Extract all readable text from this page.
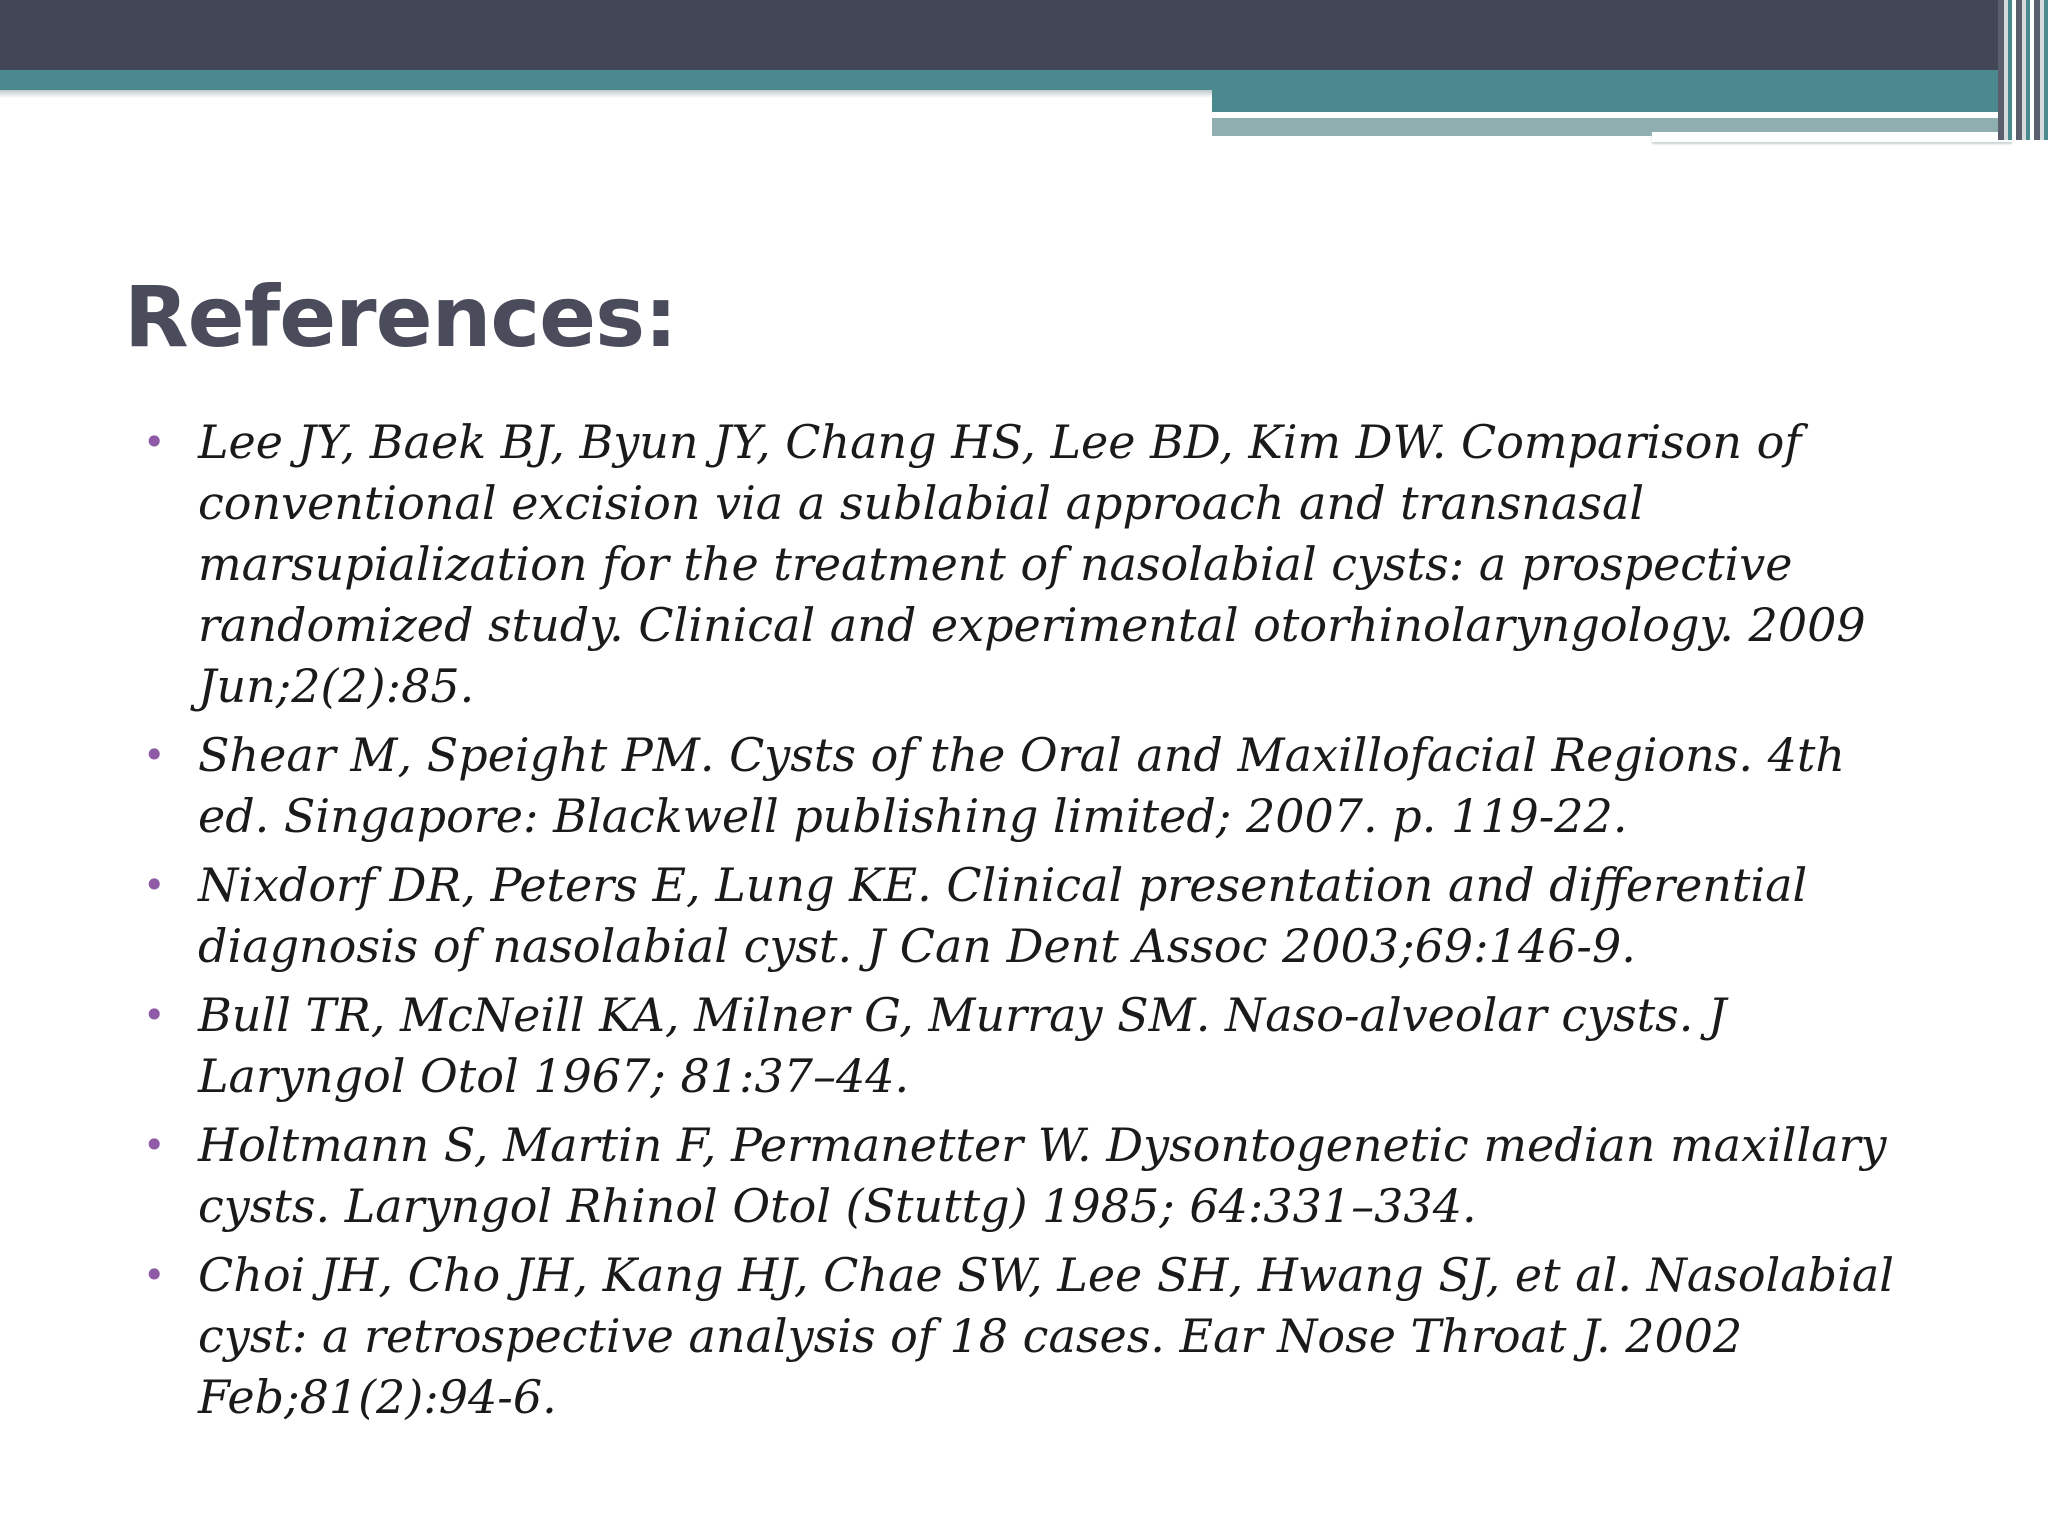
References:
• Lee JY, Baek BJ, Byun JY, Chang HS, Lee BD, Kim DW. Comparison of conventional excision via a sublabial approach and transnasal marsupialization for the treatment of nasolabial cysts: a prospective randomized study. Clinical and experimental otorhinolaryngology. 2009 Jun;2(2):85.
• Shear M, Speight PM. Cysts of the Oral and Maxillofacial Regions. 4th ed. Singapore: Blackwell publishing limited; 2007. p. 119-22.
• Nixdorf DR, Peters E, Lung KE. Clinical presentation and differential diagnosis of nasolabial cyst. J Can Dent Assoc 2003;69:146-9.
• Bull TR, McNeill KA, Milner G, Murray SM. Naso-alveolar cysts. J Laryngol Otol 1967; 81:37–44.
• Holtmann S, Martin F, Permanetter W. Dysontogenetic median maxillary cysts. Laryngol Rhinol Otol (Stuttg) 1985; 64:331–334.
• Choi JH, Cho JH, Kang HJ, Chae SW, Lee SH, Hwang SJ, et al. Nasolabial cyst: a retrospective analysis of 18 cases. Ear Nose Throat J. 2002 Feb;81(2):94-6.
